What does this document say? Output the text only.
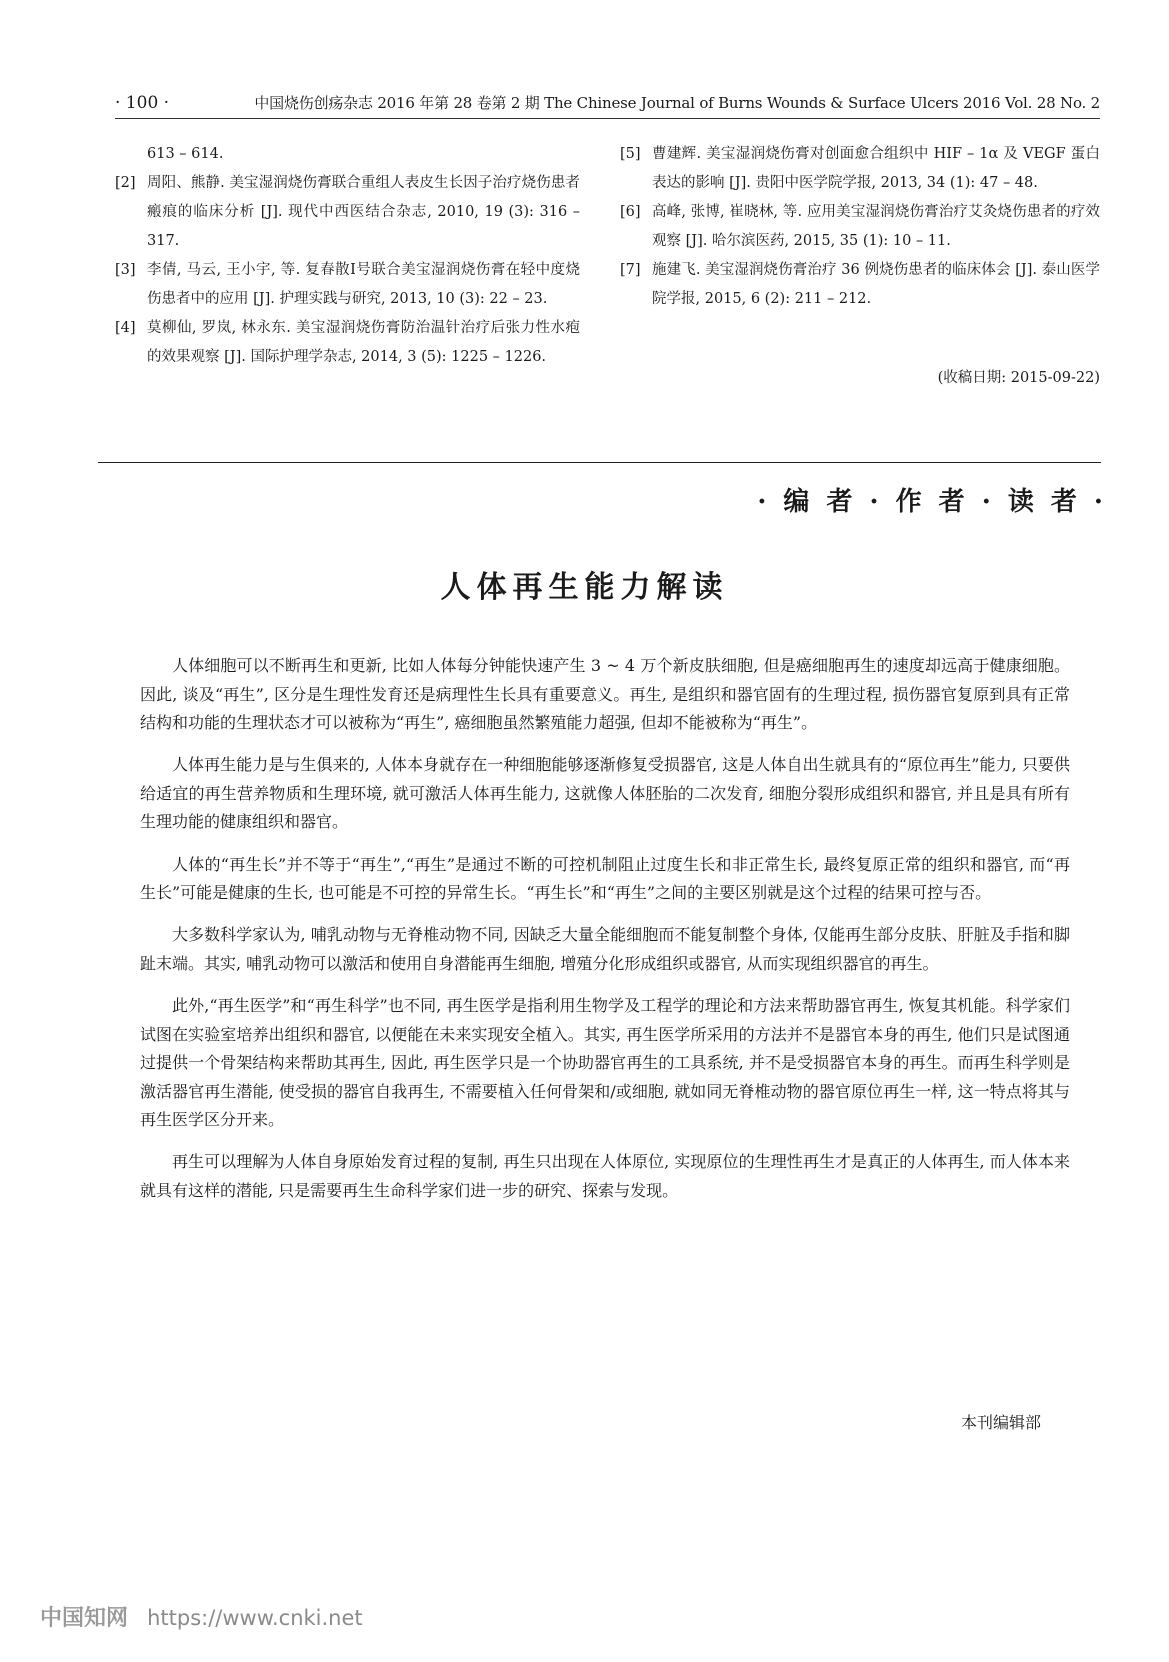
· 100 ·	中国烧伤创疡杂志 2016 年第 28 卷第 2 期 The Chinese Journal of Burns Wounds & Surface Ulcers 2016 Vol. 28 No. 2
613 – 614.
[2] 周阳、熊静. 美宝湿润烧伤膏联合重组人表皮生长因子治疗烧伤患者瘢痕的临床分析 [J]. 现代中西医结合杂志, 2010, 19 (3): 316 – 317.
[3] 李倩, 马云, 王小宇, 等. 复春散Ⅰ号联合美宝湿润烧伤膏在轻中度烧伤患者中的应用 [J]. 护理实践与研究, 2013, 10 (3): 22 – 23.
[4] 莫柳仙, 罗岚, 林永东. 美宝湿润烧伤膏防治温针治疗后张力性水疱的效果观察 [J]. 国际护理学杂志, 2014, 3 (5): 1225 – 1226.
[5] 曹建辉. 美宝湿润烧伤膏对创面愈合组织中 HIF – 1α 及 VEGF 蛋白表达的影响 [J]. 贵阳中医学院学报, 2013, 34 (1): 47 – 48.
[6] 高峰, 张博, 崔晓林, 等. 应用美宝湿润烧伤膏治疗艾灸烧伤患者的疗效观察 [J]. 哈尔滨医药, 2015, 35 (1): 10 – 11.
[7] 施建飞. 美宝湿润烧伤膏治疗 36 例烧伤患者的临床体会 [J]. 泰山医学院学报, 2015, 6 (2): 211 – 212.
(收稿日期: 2015-09-22)
· 编 者 · 作 者 · 读 者 ·
人体再生能力解读

人体细胞可以不断再生和更新, 比如人体每分钟能快速产生 3 ~ 4 万个新皮肤细胞, 但是癌细胞再生的速度却远高于健康细胞。因此, 谈及“再生”, 区分是生理性发育还是病理性生长具有重要意义。再生, 是组织和器官固有的生理过程, 损伤器官复原到具有正常结构和功能的生理状态才可以被称为“再生”, 癌细胞虽然繁殖能力超强, 但却不能被称为“再生”。

人体再生能力是与生俱来的, 人体本身就存在一种细胞能够逐渐修复受损器官, 这是人体自出生就具有的“原位再生”能力, 只要供给适宜的再生营养物质和生理环境, 就可激活人体再生能力, 这就像人体胚胎的二次发育, 细胞分裂形成组织和器官, 并且是具有所有生理功能的健康组织和器官。

人体的“再生长”并不等于“再生”,“再生”是通过不断的可控机制阻止过度生长和非正常生长, 最终复原正常的组织和器官, 而“再生长”可能是健康的生长, 也可能是不可控的异常生长。“再生长”和“再生”之间的主要区别就是这个过程的结果可控与否。

大多数科学家认为, 哺乳动物与无脊椎动物不同, 因缺乏大量全能细胞而不能复制整个身体, 仅能再生部分皮肤、肝脏及手指和脚趾末端。其实, 哺乳动物可以激活和使用自身潜能再生细胞, 增殖分化形成组织或器官, 从而实现组织器官的再生。

此外,“再生医学”和“再生科学”也不同, 再生医学是指利用生物学及工程学的理论和方法来帮助器官再生, 恢复其机能。科学家们试图在实验室培养出组织和器官, 以便能在未来实现安全植入。其实, 再生医学所采用的方法并不是器官本身的再生, 他们只是试图通过提供一个骨架结构来帮助其再生, 因此, 再生医学只是一个协助器官再生的工具系统, 并不是受损器官本身的再生。而再生科学则是激活器官再生潜能, 使受损的器官自我再生, 不需要植入任何骨架和/或细胞, 就如同无脊椎动物的器官原位再生一样, 这一特点将其与再生医学区分开来。

再生可以理解为人体自身原始发育过程的复制, 再生只出现在人体原位, 实现原位的生理性再生才是真正的人体再生, 而人体本来就具有这样的潜能, 只是需要再生生命科学家们进一步的研究、探索与发现。

本刊编辑部
中国知网 https://www.cnki.net
